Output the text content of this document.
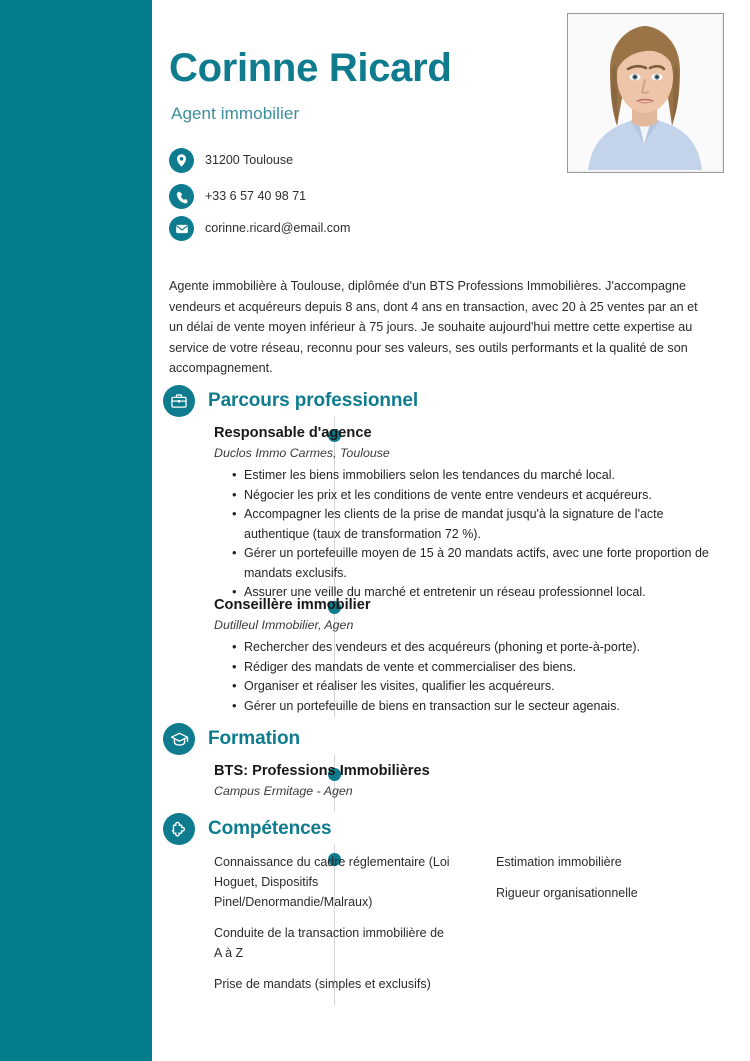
2022-11 - 2026-03
2018-10 - 2022-03
2016-09 - 2018-07
Corinne Ricard
Agent immobilier
31200 Toulouse
+33 6 57 40 98 71
corinne.ricard@email.com
Agente immobilière à Toulouse, diplômée d'un BTS Professions Immobilières. J'accompagne vendeurs et acquéreurs depuis 8 ans, dont 4 ans en transaction, avec 20 à 25 ventes par an et un délai de vente moyen inférieur à 75 jours. Je souhaite aujourd'hui mettre cette expertise au service de votre réseau, reconnu pour ses valeurs, ses outils performants et la qualité de son accompagnement.
Parcours professionnel
Responsable d'agence
Duclos Immo Carmes, Toulouse
• Estimer les biens immobiliers selon les tendances du marché local.
• Négocier les prix et les conditions de vente entre vendeurs et acquéreurs.
• Accompagner les clients de la prise de mandat jusqu'à la signature de l'acte authentique (taux de transformation 72 %).
• Gérer un portefeuille moyen de 15 à 20 mandats actifs, avec une forte proportion de mandats exclusifs.
• Assurer une veille du marché et entretenir un réseau professionnel local.
Conseillère immobilier
Dutilleul Immobilier, Agen
• Rechercher des vendeurs et des acquéreurs (phoning et porte-à-porte).
• Rédiger des mandats de vente et commercialiser des biens.
• Organiser et réaliser les visites, qualifier les acquéreurs.
• Gérer un portefeuille de biens en transaction sur le secteur agenais.
Formation
BTS: Professions Immobilières
Campus Ermitage - Agen
Compétences
Connaissance du cadre réglementaire (Loi Hoguet, Dispositifs Pinel/Denormandie/Malraux)
Conduite de la transaction immobilière de A à Z
Prise de mandats (simples et exclusifs)
Estimation immobilière
Rigueur organisationnelle
